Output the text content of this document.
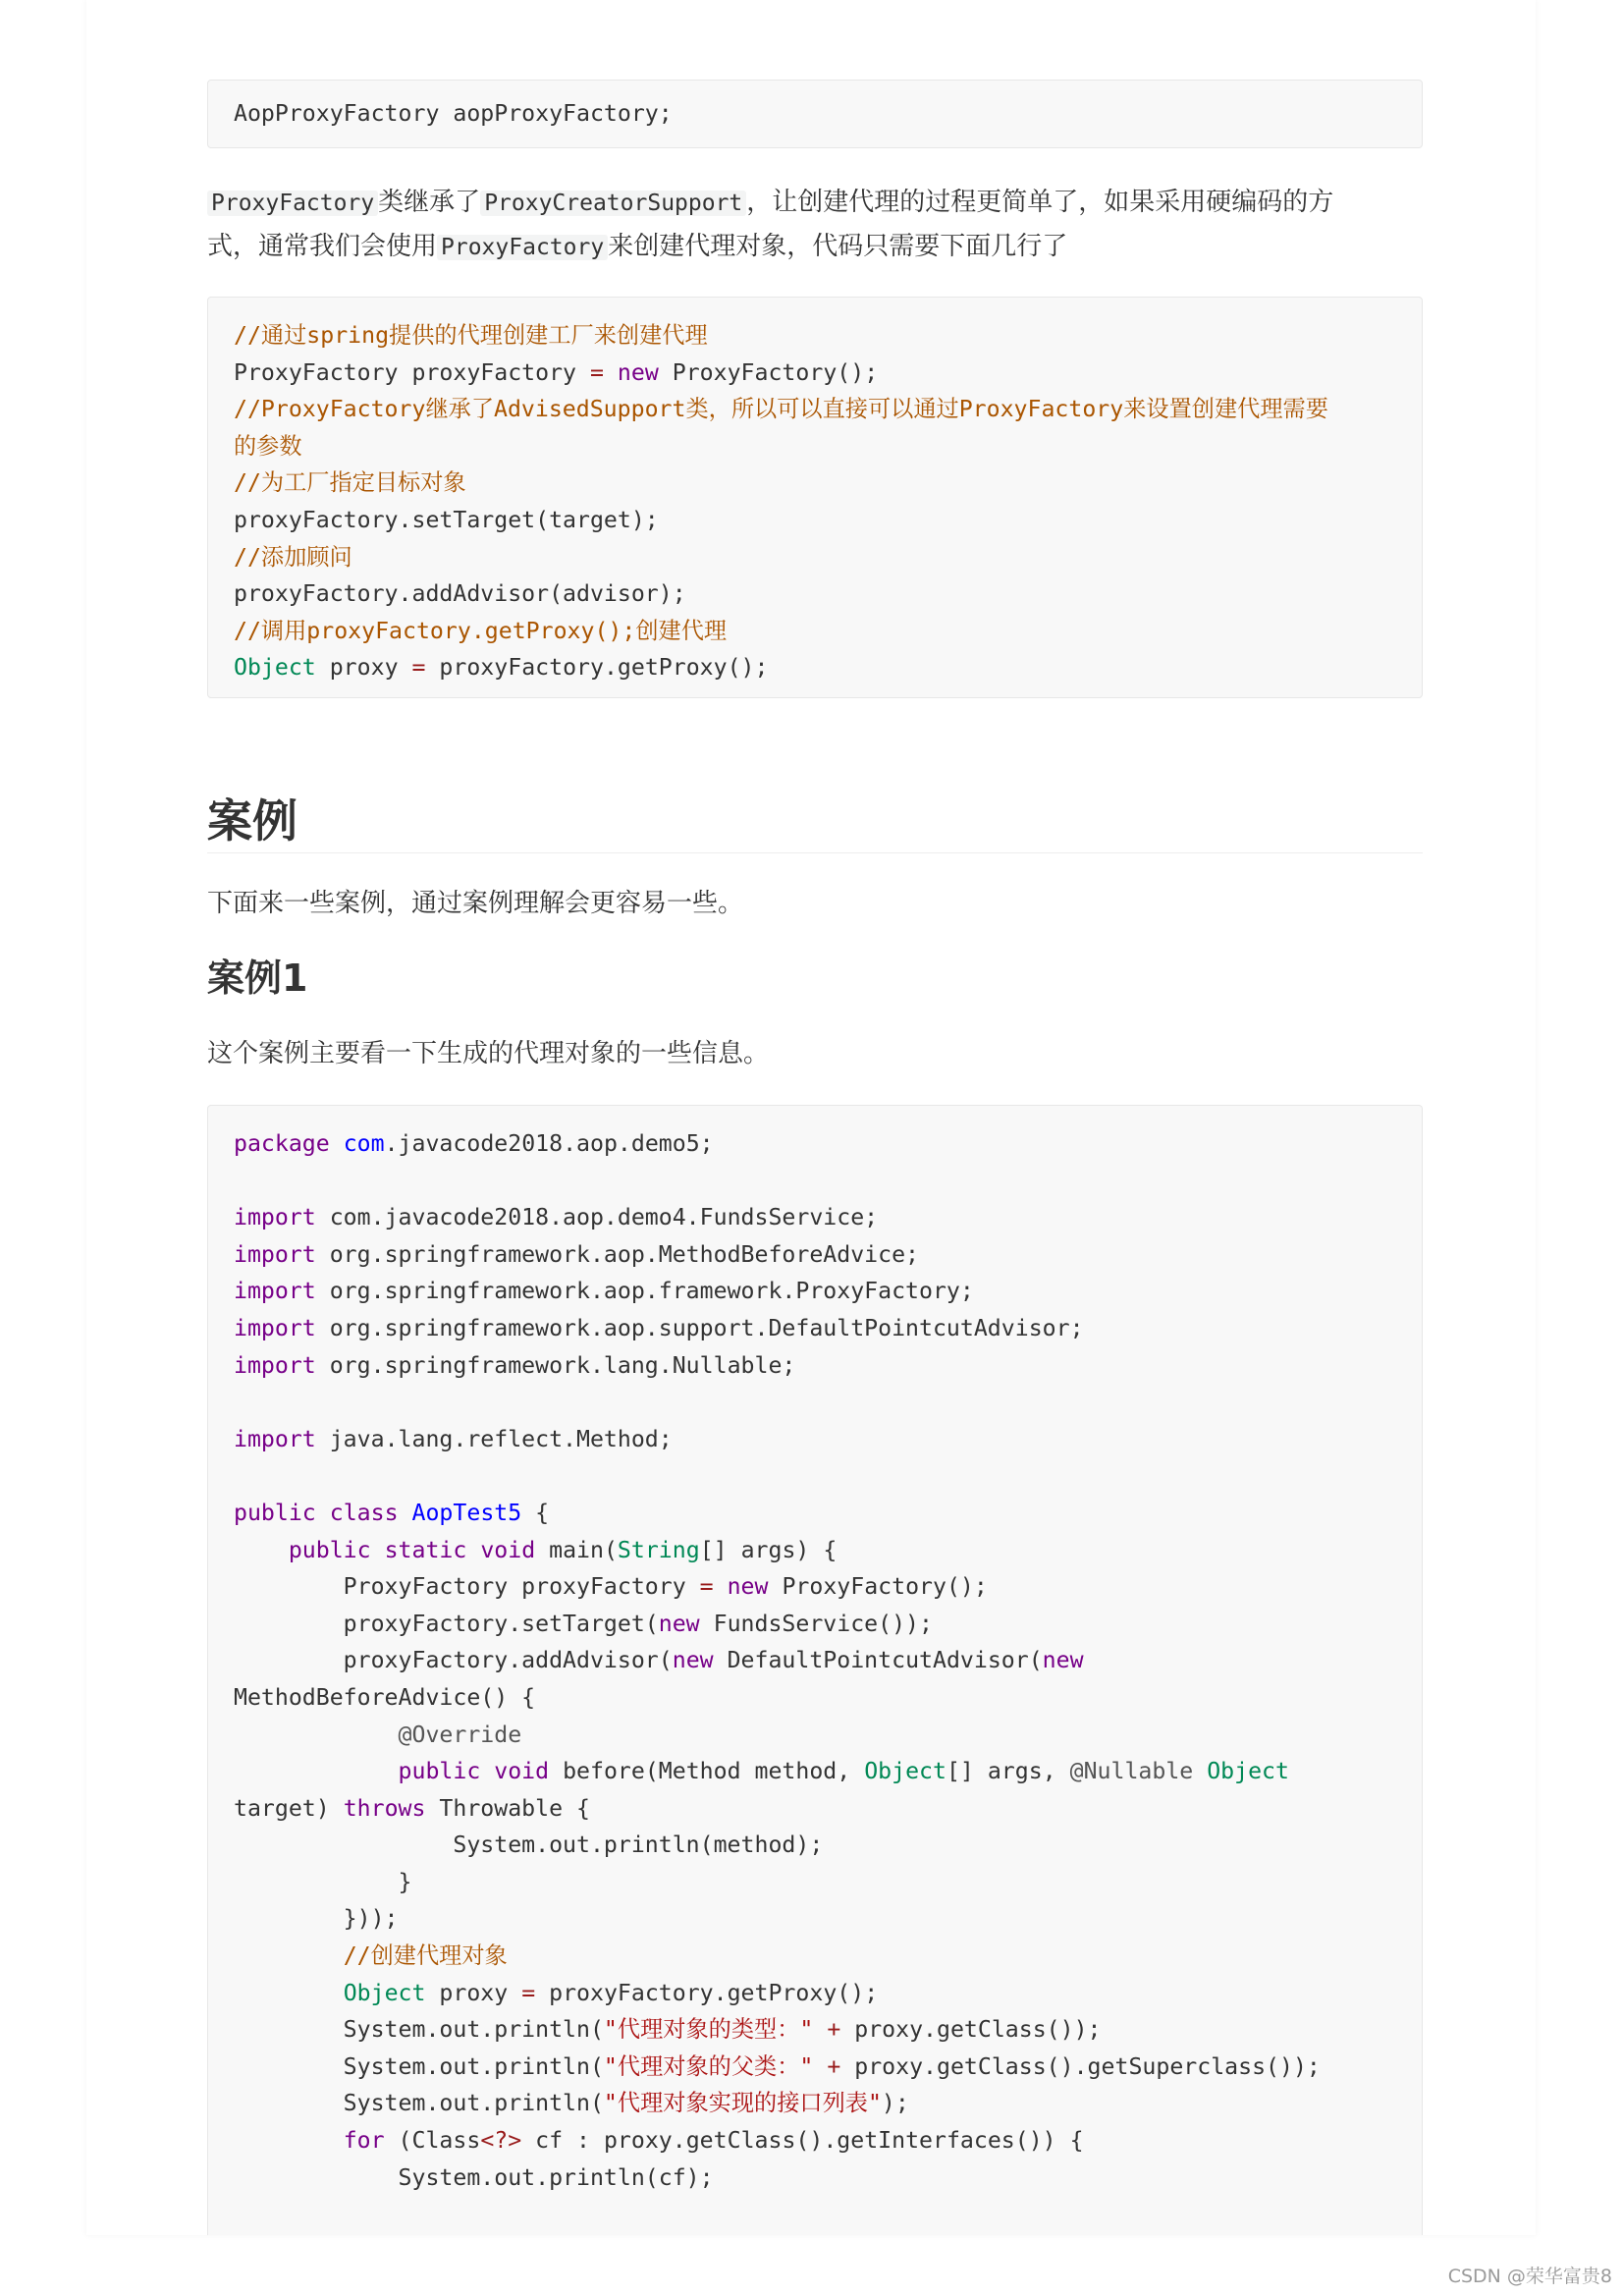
AopProxyFactory aopProxyFactory;
ProxyFactory 类继承了 ProxyCreatorSupport ，让创建代理的过程更简单了，如果采用硬编码的方
式，通常我们会使用 ProxyFactory 来创建代理对象，代码只需要下面几行了
//通过spring提供的代理创建工厂来创建代理
ProxyFactory proxyFactory = new ProxyFactory();
//ProxyFactory继承了AdvisedSupport类，所以可以直接可以通过ProxyFactory来设置创建代理需要
的参数
//为工厂指定目标对象
proxyFactory.setTarget(target);
//添加顾问
proxyFactory.addAdvisor(advisor);
//调用proxyFactory.getProxy();创建代理
Object proxy = proxyFactory.getProxy();
案例
下面来一些案例，通过案例理解会更容易一些。
案例1
这个案例主要看一下生成的代理对象的一些信息。
package com.javacode2018.aop.demo5;
import com.javacode2018.aop.demo4.FundsService;
import org.springframework.aop.MethodBeforeAdvice;
import org.springframework.aop.framework.ProxyFactory;
import org.springframework.aop.support.DefaultPointcutAdvisor;
import org.springframework.lang.Nullable;
import java.lang.reflect.Method;
public class AopTest5 {
public static void main(String[] args) {
ProxyFactory proxyFactory = new ProxyFactory();
proxyFactory.setTarget(new FundsService());
proxyFactory.addAdvisor(new DefaultPointcutAdvisor(new
MethodBeforeAdvice() {
@Override
public void before(Method method, Object[] args, @Nullable Object
target) throws Throwable {
System.out.println(method);
}
}));
//创建代理对象
Object proxy = proxyFactory.getProxy();
System.out.println("代理对象的类型：" + proxy.getClass());
System.out.println("代理对象的父类：" + proxy.getClass().getSuperclass());
System.out.println("代理对象实现的接口列表");
for (Class<?> cf : proxy.getClass().getInterfaces()) {
System.out.println(cf);
CSDN @荣华富贵8
